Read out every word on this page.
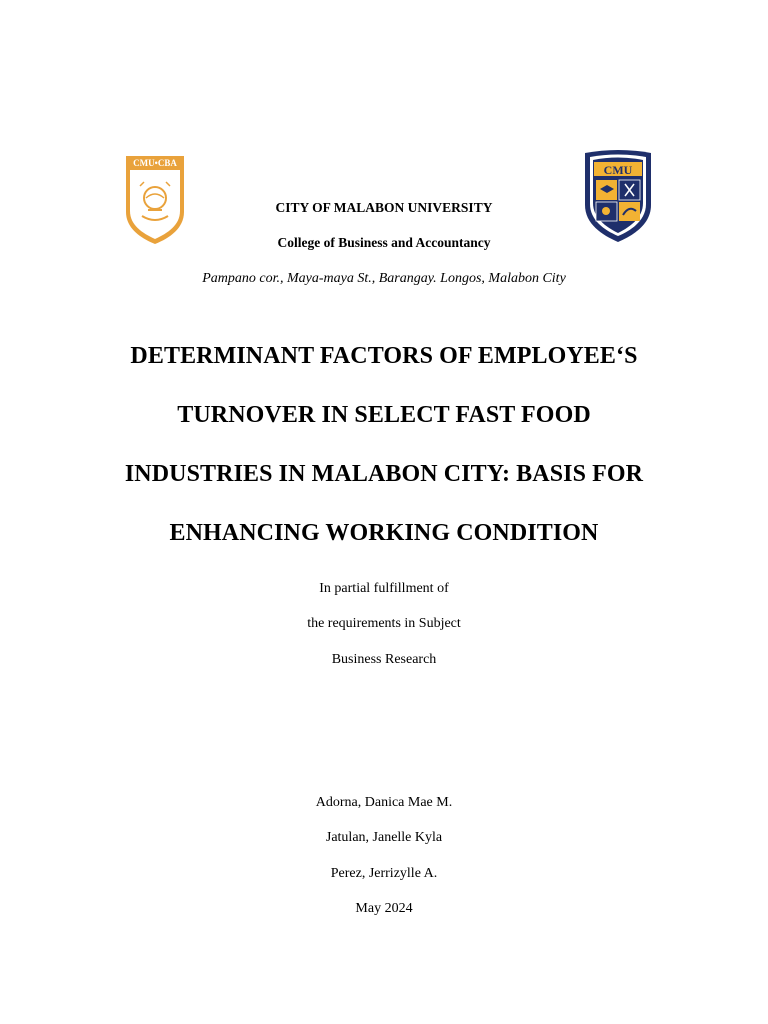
CMU•CBA	CMU
CITY OF MALABON UNIVERSITY
College of Business and Accountancy
Pampano cor., Maya-maya St., Barangay. Longos, Malabon City
DETERMINANT FACTORS OF EMPLOYEE‘S
TURNOVER IN SELECT FAST FOOD
INDUSTRIES IN MALABON CITY: BASIS FOR
ENHANCING WORKING CONDITION
In partial fulfillment of
the requirements in Subject
Business Research
Adorna, Danica Mae M.
Jatulan, Janelle Kyla
Perez, Jerrizylle A.
May 2024
